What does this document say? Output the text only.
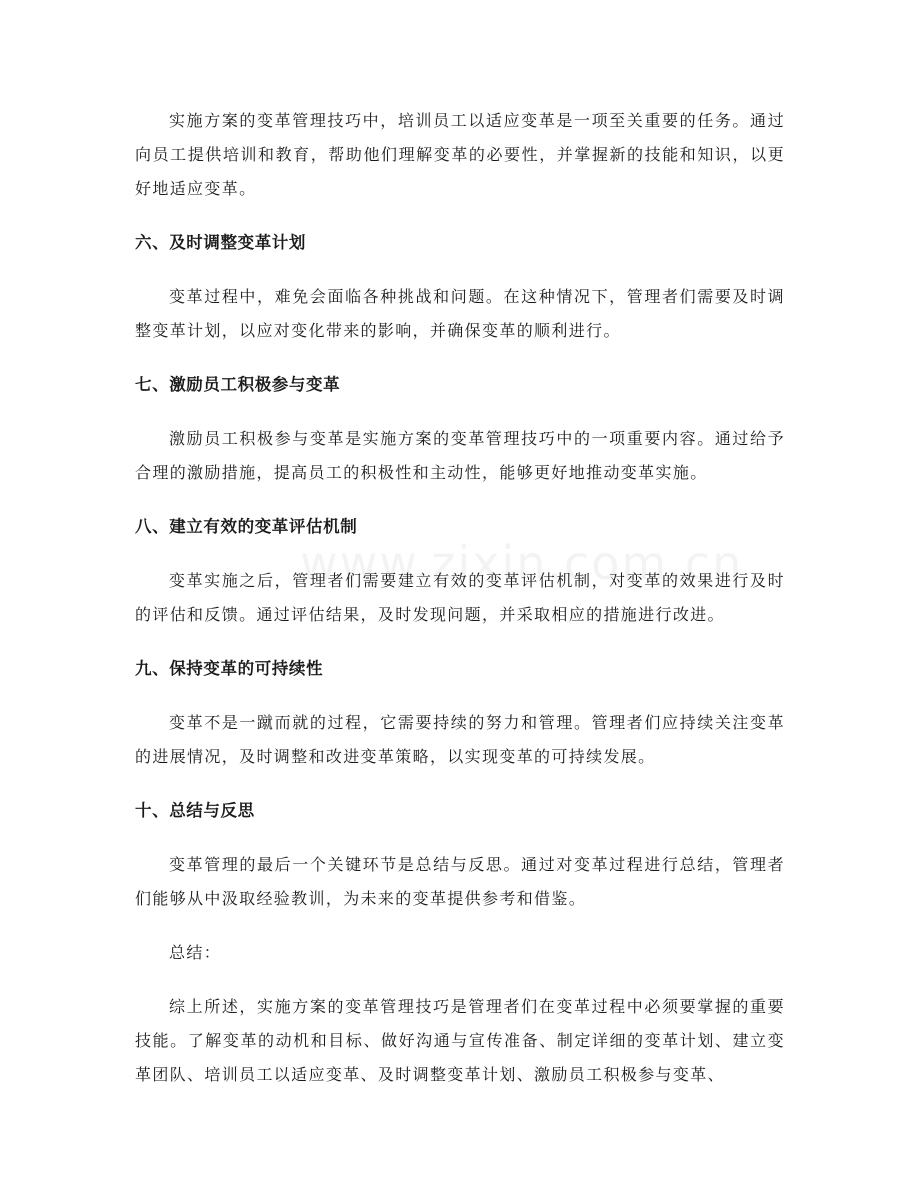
实施方案的变革管理技巧中，培训员工以适应变革是一项至关重要的任务。通过向员工提供培训和教育，帮助他们理解变革的必要性，并掌握新的技能和知识，以更好地适应变革。

六、及时调整变革计划

变革过程中，难免会面临各种挑战和问题。在这种情况下，管理者们需要及时调整变革计划，以应对变化带来的影响，并确保变革的顺利进行。

七、激励员工积极参与变革

激励员工积极参与变革是实施方案的变革管理技巧中的一项重要内容。通过给予合理的激励措施，提高员工的积极性和主动性，能够更好地推动变革实施。

八、建立有效的变革评估机制

变革实施之后，管理者们需要建立有效的变革评估机制，对变革的效果进行及时的评估和反馈。通过评估结果，及时发现问题，并采取相应的措施进行改进。

九、保持变革的可持续性

变革不是一蹴而就的过程，它需要持续的努力和管理。管理者们应持续关注变革的进展情况，及时调整和改进变革策略，以实现变革的可持续发展。

十、总结与反思

变革管理的最后一个关键环节是总结与反思。通过对变革过程进行总结，管理者们能够从中汲取经验教训，为未来的变革提供参考和借鉴。

总结：

综上所述，实施方案的变革管理技巧是管理者们在变革过程中必须要掌握的重要技能。了解变革的动机和目标、做好沟通与宣传准备、制定详细的变革计划、建立变革团队、培训员工以适应变革、及时调整变革计划、激励员工积极参与变革、
